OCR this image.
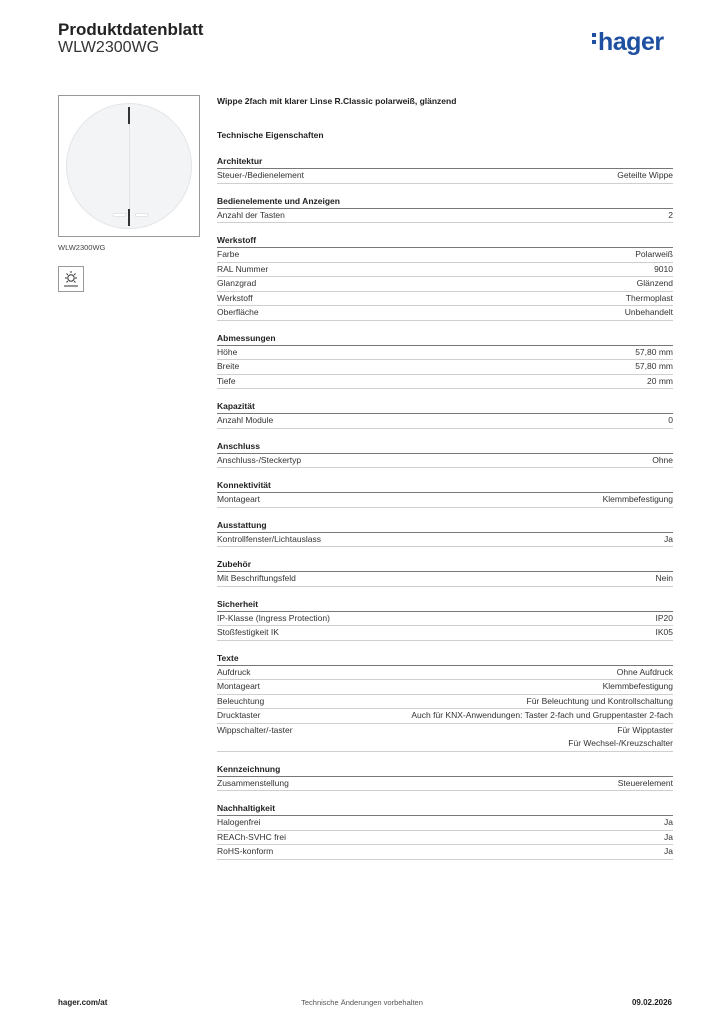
Produktdatenblatt
WLW2300WG	hager
WLW2300WG
Wippe 2fach mit klarer Linse R.Classic polarweiß, glänzend
Technische Eigenschaften
Architektur
Steuer-/Bedienelement	Geteilte Wippe
Bedienelemente und Anzeigen
Anzahl der Tasten	2
Werkstoff
Farbe	Polarweiß
RAL Nummer	9010
Glanzgrad	Glänzend
Werkstoff	Thermoplast
Oberfläche	Unbehandelt
Abmessungen
Höhe	57,80 mm
Breite	57,80 mm
Tiefe	20 mm
Kapazität
Anzahl Module	0
Anschluss
Anschluss-/Steckertyp	Ohne
Konnektivität
Montageart	Klemmbefestigung
Ausstattung
Kontrollfenster/Lichtauslass	Ja
Zubehör
Mit Beschriftungsfeld	Nein
Sicherheit
IP-Klasse (Ingress Protection)	IP20
Stoßfestigkeit IK	IK05
Texte
Aufdruck	Ohne Aufdruck
Montageart	Klemmbefestigung
Beleuchtung	Für Beleuchtung und Kontrollschaltung
Drucktaster	Auch für KNX-Anwendungen: Taster 2-fach und Gruppentaster 2-fach
Wippschalter/-taster	Für Wipptaster
Für Wechsel-/Kreuzschalter
Kennzeichnung
Zusammenstellung	Steuerelement
Nachhaltigkeit
Halogenfrei	Ja
REACh-SVHC frei	Ja
RoHS-konform	Ja
hager.com/at	Technische Änderungen vorbehalten	09.02.2026
